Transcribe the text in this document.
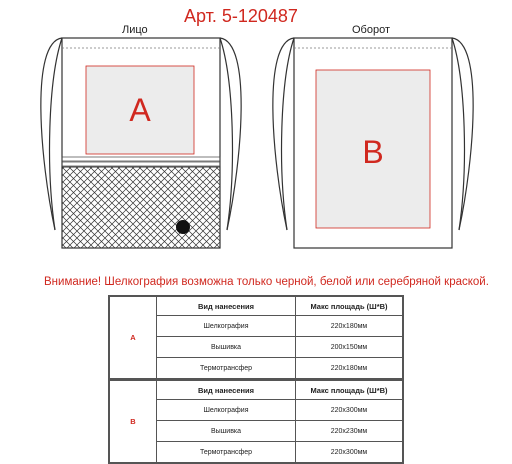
Арт. 5-120487
Лицо	Оборот
A
B
Внимание! Шелкография возможна только черной, белой или серебряной краской.
A	Вид нанесения	Макс площадь (Ш*В)
	Шелкография	220x180мм
	Вышивка	200x150мм
	Термотрансфер	220x180мм
B	Вид нанесения	Макс площадь (Ш*В)
	Шелкография	220x300мм
	Вышивка	220x230мм
	Термотрансфер	220x300мм
